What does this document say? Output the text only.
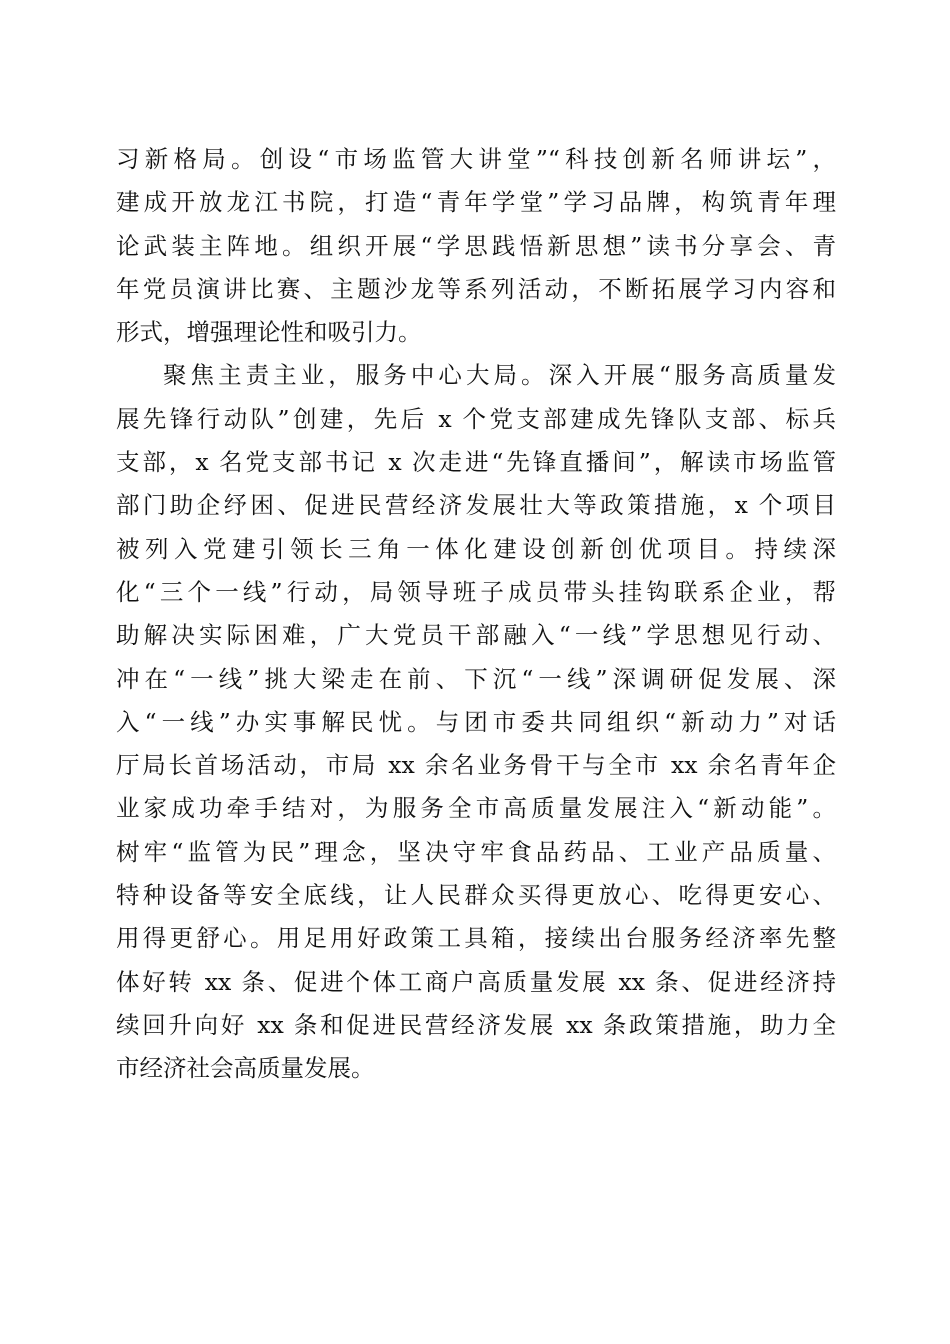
习新格局。创设“市场监管大讲堂”“科技创新名师讲坛”，
建成开放龙江书院，打造“青年学堂”学习品牌，构筑青年理
论武装主阵地。组织开展“学思践悟新思想”读书分享会、青
年党员演讲比赛、主题沙龙等系列活动，不断拓展学习内容和
形式，增强理论性和吸引力。
聚焦主责主业，服务中心大局。深入开展“服务高质量发
展先锋行动队”创建，先后 x 个党支部建成先锋队支部、标兵
支部，x 名党支部书记 x 次走进“先锋直播间”，解读市场监管
部门助企纾困、促进民营经济发展壮大等政策措施，x 个项目
被列入党建引领长三角一体化建设创新创优项目。持续深
化“三个一线”行动，局领导班子成员带头挂钩联系企业，帮
助解决实际困难，广大党员干部融入“一线”学思想见行动、
冲在“一线”挑大梁走在前、下沉“一线”深调研促发展、深
入“一线”办实事解民忧。与团市委共同组织“新动力”对话
厅局长首场活动，市局 xx 余名业务骨干与全市 xx 余名青年企
业家成功牵手结对，为服务全市高质量发展注入“新动能”。
树牢“监管为民”理念，坚决守牢食品药品、工业产品质量、
特种设备等安全底线，让人民群众买得更放心、吃得更安心、
用得更舒心。用足用好政策工具箱，接续出台服务经济率先整
体好转 xx 条、促进个体工商户高质量发展 xx 条、促进经济持
续回升向好 xx 条和促进民营经济发展 xx 条政策措施，助力全
市经济社会高质量发展。
